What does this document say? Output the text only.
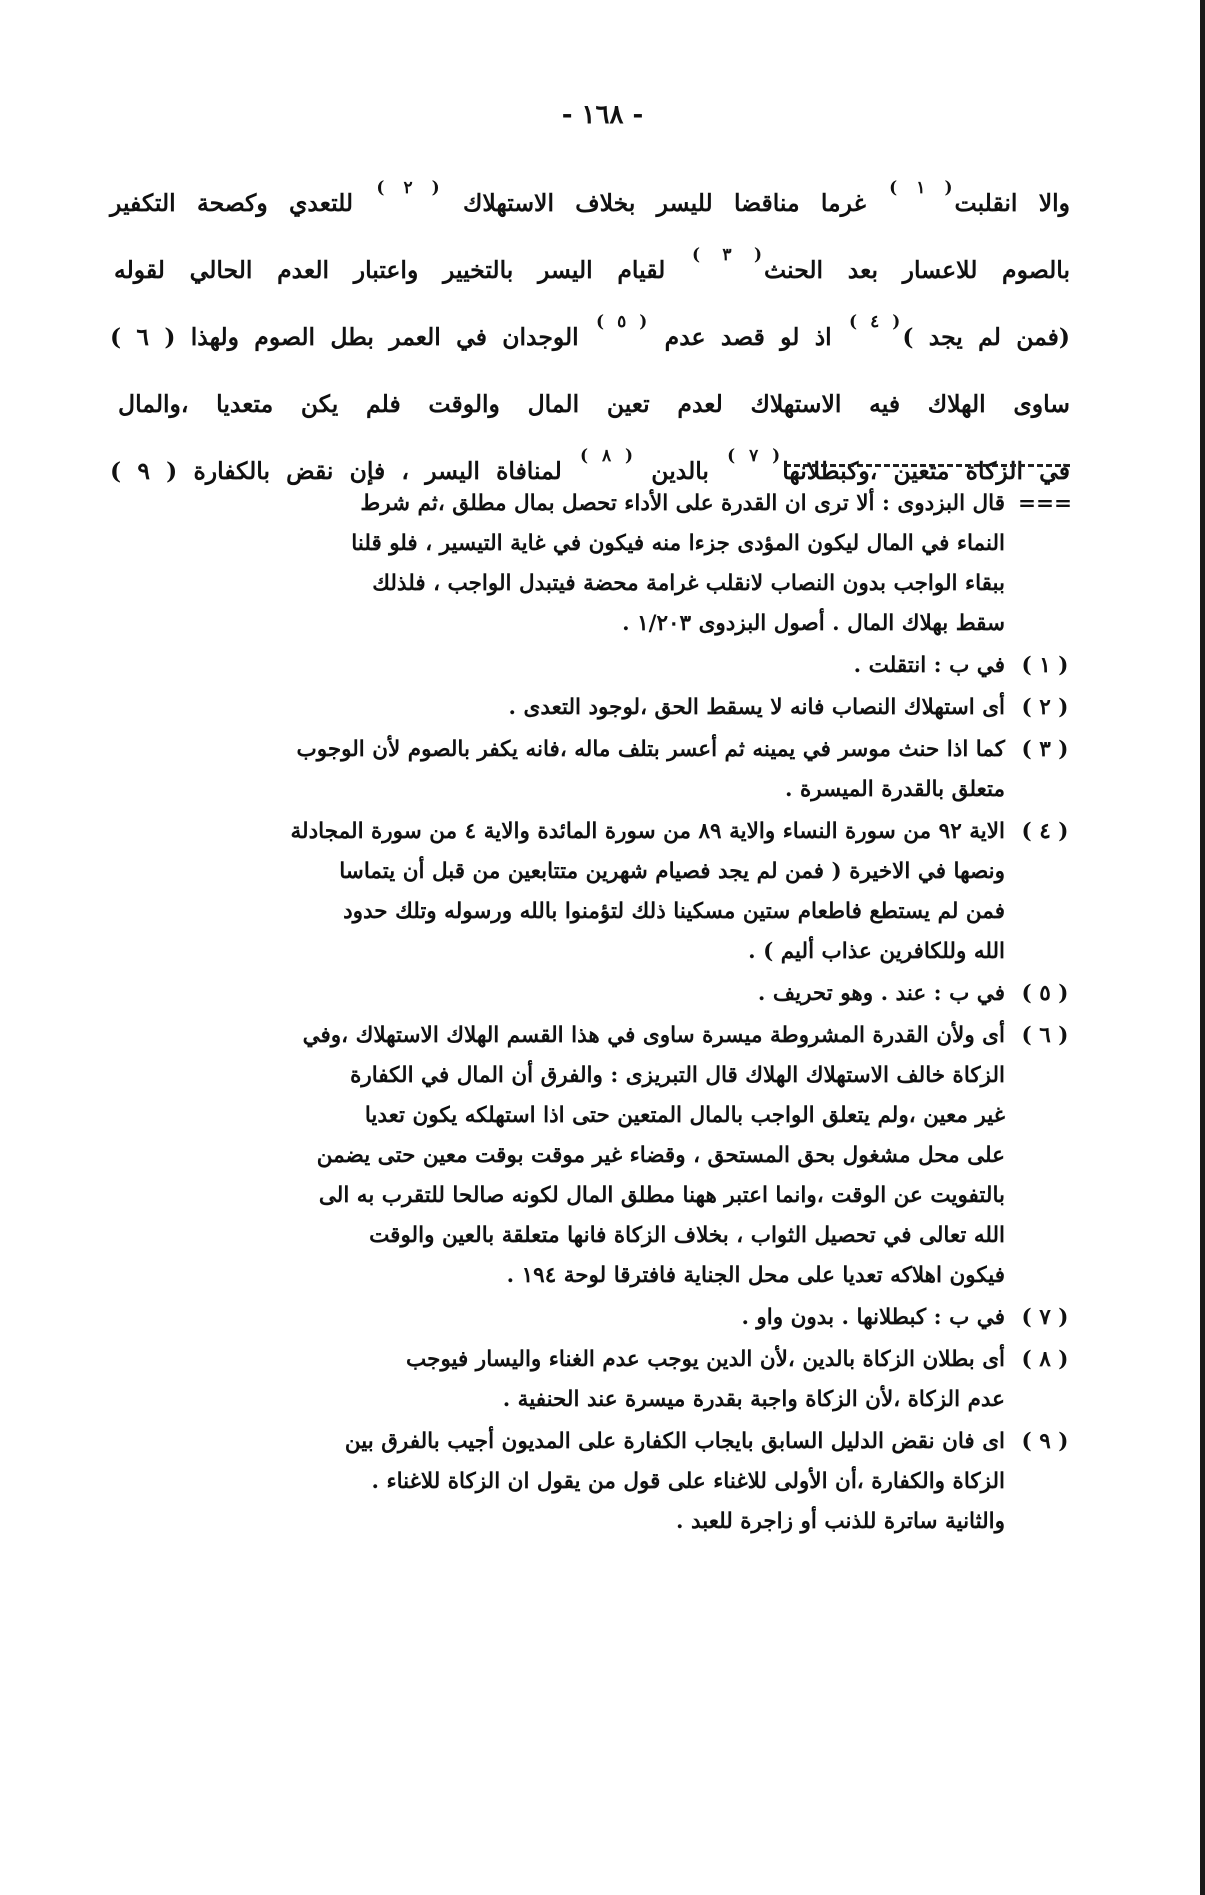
- ١٦٨ -
والا انقلبت$^{( ١ )}$ غرما مناقضا لليسر بخلاف الاستهلاك $^{( ٢ )}$ للتعدي وكصحة التكفير
بالصوم للاعسار بعد الحنث$^{( ٣ )}$ لقيام اليسر بالتخيير واعتبار العدم الحالي لقوله
(فمن لم يجد )$^{( ٤ )}$ اذ لو قصد عدم $^{( ٥ )}$ الوجدان في العمر بطل الصوم ولهذا ( ٦ )
ساوى الهلاك فيه الاستهلاك لعدم تعين المال والوقت فلم يكن متعديا ،والمال
في الزكاة متعين ،وكبطلانها$^{( ٧ )}$ بالدين $^{( ٨ )}$ لمنافاة اليسر ، فإن نقض بالكفارة ( ٩ )
===
قال البزدوى : ألا ترى ان القدرة على الأداء تحصل بمال مطلق ،ثم شرط
النماء في المال ليكون المؤدى جزءا منه فيكون في غاية التيسير ، فلو قلنا
ببقاء الواجب بدون النصاب لانقلب غرامة محضة فيتبدل الواجب ، فلذلك
سقط بهلاك المال . أصول البزدوى ١/٢٠٣ .
( ١ )
في ب : انتقلت .
( ٢ )
أى استهلاك النصاب فانه لا يسقط الحق ،لوجود التعدى .
( ٣ )
كما اذا حنث موسر في يمينه ثم أعسر بتلف ماله ،فانه يكفر بالصوم لأن الوجوب
متعلق بالقدرة الميسرة .
( ٤ )
الاية ٩٢ من سورة النساء والاية ٨٩ من سورة المائدة والاية ٤ من سورة المجادلة
ونصها في الاخيرة ( فمن لم يجد فصيام شهرين متتابعين من قبل أن يتماسا
فمن لم يستطع فاطعام ستين مسكينا ذلك لتؤمنوا بالله ورسوله وتلك حدود
الله وللكافرين عذاب أليم ) .
( ٥ )
في ب : عند . وهو تحريف .
( ٦ )
أى ولأن القدرة المشروطة ميسرة ساوى في هذا القسم الهلاك الاستهلاك ،وفي
الزكاة خالف الاستهلاك الهلاك قال التبريزى : والفرق أن المال في الكفارة
غير معين ،ولم يتعلق الواجب بالمال المتعين حتى اذا استهلكه يكون تعديا
على محل مشغول بحق المستحق ، وقضاء غير موقت بوقت معين حتى يضمن
بالتفويت عن الوقت ،وانما اعتبر ههنا مطلق المال لكونه صالحا للتقرب به الى
الله تعالى في تحصيل الثواب ، بخلاف الزكاة فانها متعلقة بالعين والوقت
فيكون اهلاكه تعديا على محل الجناية فافترقا لوحة ١٩٤ .
( ٧ )
في ب : كبطلانها . بدون واو .
( ٨ )
أى بطلان الزكاة بالدين ،لأن الدين يوجب عدم الغناء واليسار فيوجب
عدم الزكاة ،لأن الزكاة واجبة بقدرة ميسرة عند الحنفية .
( ٩ )
اى فان نقض الدليل السابق بايجاب الكفارة على المديون أجيب بالفرق بين
الزكاة والكفارة ،أن الأولى للاغناء على قول من يقول ان الزكاة للاغناء .
والثانية ساترة للذنب أو زاجرة للعبد .
